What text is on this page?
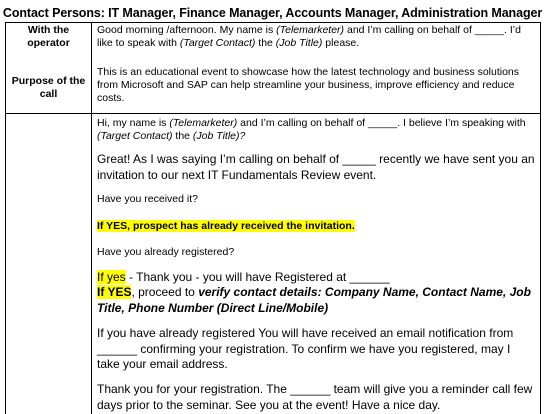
Contact Persons: IT Manager, Finance Manager, Accounts Manager, Administration Manager
With the
operator
Purpose of the
call

Good morning /afternoon. My name is (Telemarketer) and I’m calling on behalf of _____. I’d like to speak with (Target Contact) the (Job Title) please.

This is an educational event to showcase how the latest technology and business solutions from Microsoft and SAP can help streamline your business, improve efficiency and reduce costs.

Hi, my name is (Telemarketer) and I’m calling on behalf of _____. I believe I’m speaking with (Target Contact) the (Job Title)?

Great! As I was saying I’m calling on behalf of _____ recently we have sent you an invitation to our next IT Fundamentals Review event.

Have you received it?

If YES, prospect has already received the invitation.

Have you already registered?

If yes - Thank you - you will have Registered at ______

If YES, proceed to verify contact details: Company Name, Contact Name, Job Title, Phone Number (Direct Line/Mobile)

If you have already registered You will have received an email notification from ______ confirming your registration. To confirm we have you registered, may I take your email address.

Thank you for your registration. The ______ team will give you a reminder call few days prior to the seminar. See you at the event! Have a nice day.
